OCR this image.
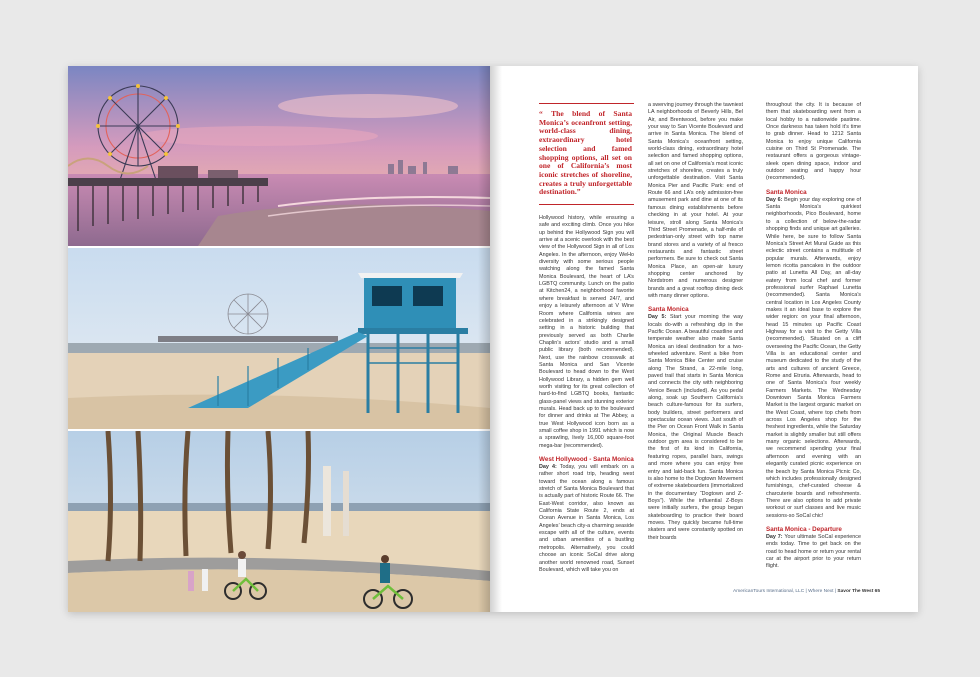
“ The blend of Santa Monica’s oceanfront setting, world-class dining, extraordinary hotel selection and famed shopping options, all set on one of California’s most iconic stretches of shoreline, creates a truly unforgettable destination.”

Hollywood history, while ensuring a safe and exciting climb. Once you hike up behind the Hollywood Sign you will arrive at a scenic overlook with the best view of the Hollywood Sign in all of Los Angeles. In the afternoon, enjoy WeHo diversity with some serious people watching along the famed Santa Monica Boulevard, the heart of LA’s LGBTQ community. Lunch on the patio at Kitchen24, a neighborhood favorite where breakfast is served 24/7, and enjoy a leisurely afternoon at V Wine Room where California wines are celebrated in a strikingly designed setting in a historic building that previously served as both Charlie Chaplin’s actors’ studio and a small public library (both recommended). Next, use the rainbow crosswalk at Santa Monica and San Vicente Boulevard to head down to the West Hollywood Library, a hidden gem well worth visiting for its great collection of hard-to-find LGBTQ books, fantastic glass-panel views and stunning exterior murals. Head back up to the boulevard for dinner and drinks at The Abbey, a true West Hollywood icon born as a small coffee shop in 1991 which is now a sprawling, lively 16,000 square-foot mega-bar (recommended).

West Hollywood - Santa Monica

Day 4: Today, you will embark on a rather short road trip, heading west toward the ocean along a famous stretch of Santa Monica Boulevard that is actually part of historic Route 66. The East-West corridor, also known as California State Route 2, ends at Ocean Avenue in Santa Monica, Los Angeles’ beach city-a charming seaside escape with all of the culture, events and urban amenities of a bustling metropolis. Alternatively, you could choose an iconic SoCal drive along another world renowned road, Sunset Boulevard, which will take you on

a swerving journey through the tawniest LA neighborhoods of Beverly Hills, Bel Air, and Brentwood, before you make your way to San Vicente Boulevard and arrive in Santa Monica. The blend of Santa Monica’s oceanfront setting, world-class dining, extraordinary hotel selection and famed shopping options, all set on one of California’s most iconic stretches of shoreline, creates a truly unforgettable destination. Visit Santa Monica Pier and Pacific Park: end of Route 66 and LA’s only admission-free amusement park and dine at one of its famous dining establishments before checking in at your hotel. At your leisure, stroll along Santa Monica’s Third Street Promenade, a half-mile of pedestrian-only street with top name brand stores and a variety of al fresco restaurants and fantastic street performers. Be sure to check out Santa Monica Place, an open-air luxury shopping center anchored by Nordstrom and numerous designer brands and a great rooftop dining deck with many dinner options.

Santa Monica

Day 5: Start your morning the way locals do-with a refreshing dip in the Pacific Ocean. A beautiful coastline and temperate weather also make Santa Monica an ideal destination for a two-wheeled adventure. Rent a bike from Santa Monica Bike Center and cruise along The Strand, a 22-mile long, paved trail that starts in Santa Monica and connects the city with neighboring Venice Beach (included). As you pedal along, soak up Southern California’s beach culture-famous for its surfers, body builders, street performers and spectacular ocean views. Just south of the Pier on Ocean Front Walk in Santa Monica, the Original Muscle Beach outdoor gym area is considered to be the first of its kind in California, featuring ropes, parallel bars, swings and more where you can enjoy free entry and laid-back fun. Santa Monica is also home to the Dogtown Movement of extreme skateboarders (immortalized in the documentary “Dogtown and Z-Boys”). While the influential Z-Boys were initially surfers, the group began skateboarding to practice their board moves. They quickly became full-time skaters and were constantly spotted on their boards

throughout the city. It is because of them that skateboarding went from a local hobby to a nationwide pastime. Once darkness has taken hold it’s time to grab dinner. Head to 1212 Santa Monica to enjoy unique California cuisine on Third St Promenade. The restaurant offers a gorgeous vintage-sleek open dining space, indoor and outdoor seating and happy hour (recommended).

Santa Monica

Day 6: Begin your day exploring one of Santa Monica’s quirkiest neighborhoods, Pico Boulevard, home to a collection of below-the-radar shopping finds and unique art galleries. While here, be sure to follow Santa Monica’s Street Art Mural Guide as this eclectic street contains a multitude of popular murals. Afterwards, enjoy lemon ricotta pancakes in the outdoor patio at Lunetta All Day, an all-day eatery from local chef and former professional surfer Raphael Lunetta (recommended). Santa Monica’s central location in Los Angeles County makes it an ideal base to explore the wider region: on your final afternoon, head 15 minutes up Pacific Coast Highway for a visit to the Getty Villa (recommended). Situated on a cliff overseeing the Pacific Ocean, the Getty Villa is an educational center and museum dedicated to the study of the arts and cultures of ancient Greece, Rome and Etruria. Afterwards, head to one of Santa Monica’s four weekly Farmers Markets. The Wednesday Downtown Santa Monica Farmers Market is the largest organic market on the West Coast, where top chefs from across Los Angeles shop for the freshest ingredients, while the Saturday market is slightly smaller but still offers many organic selections. Afterwards, we recommend spending your final afternoon and evening with an elegantly curated picnic experience on the beach by Santa Monica Picnic Co, which includes professionally designed furnishings, chef-curated cheese & charcuterie boards and refreshments. There are also options to add private workout or surf classes and live music sessions-so SoCal chic!

Santa Monica - Departure

Day 7: Your ultimate SoCal experience ends today. Time to get back on the road to head home or return your rental car at the airport prior to your return flight.

AmericanTours International, LLC | Where Next | Savor The West 65
